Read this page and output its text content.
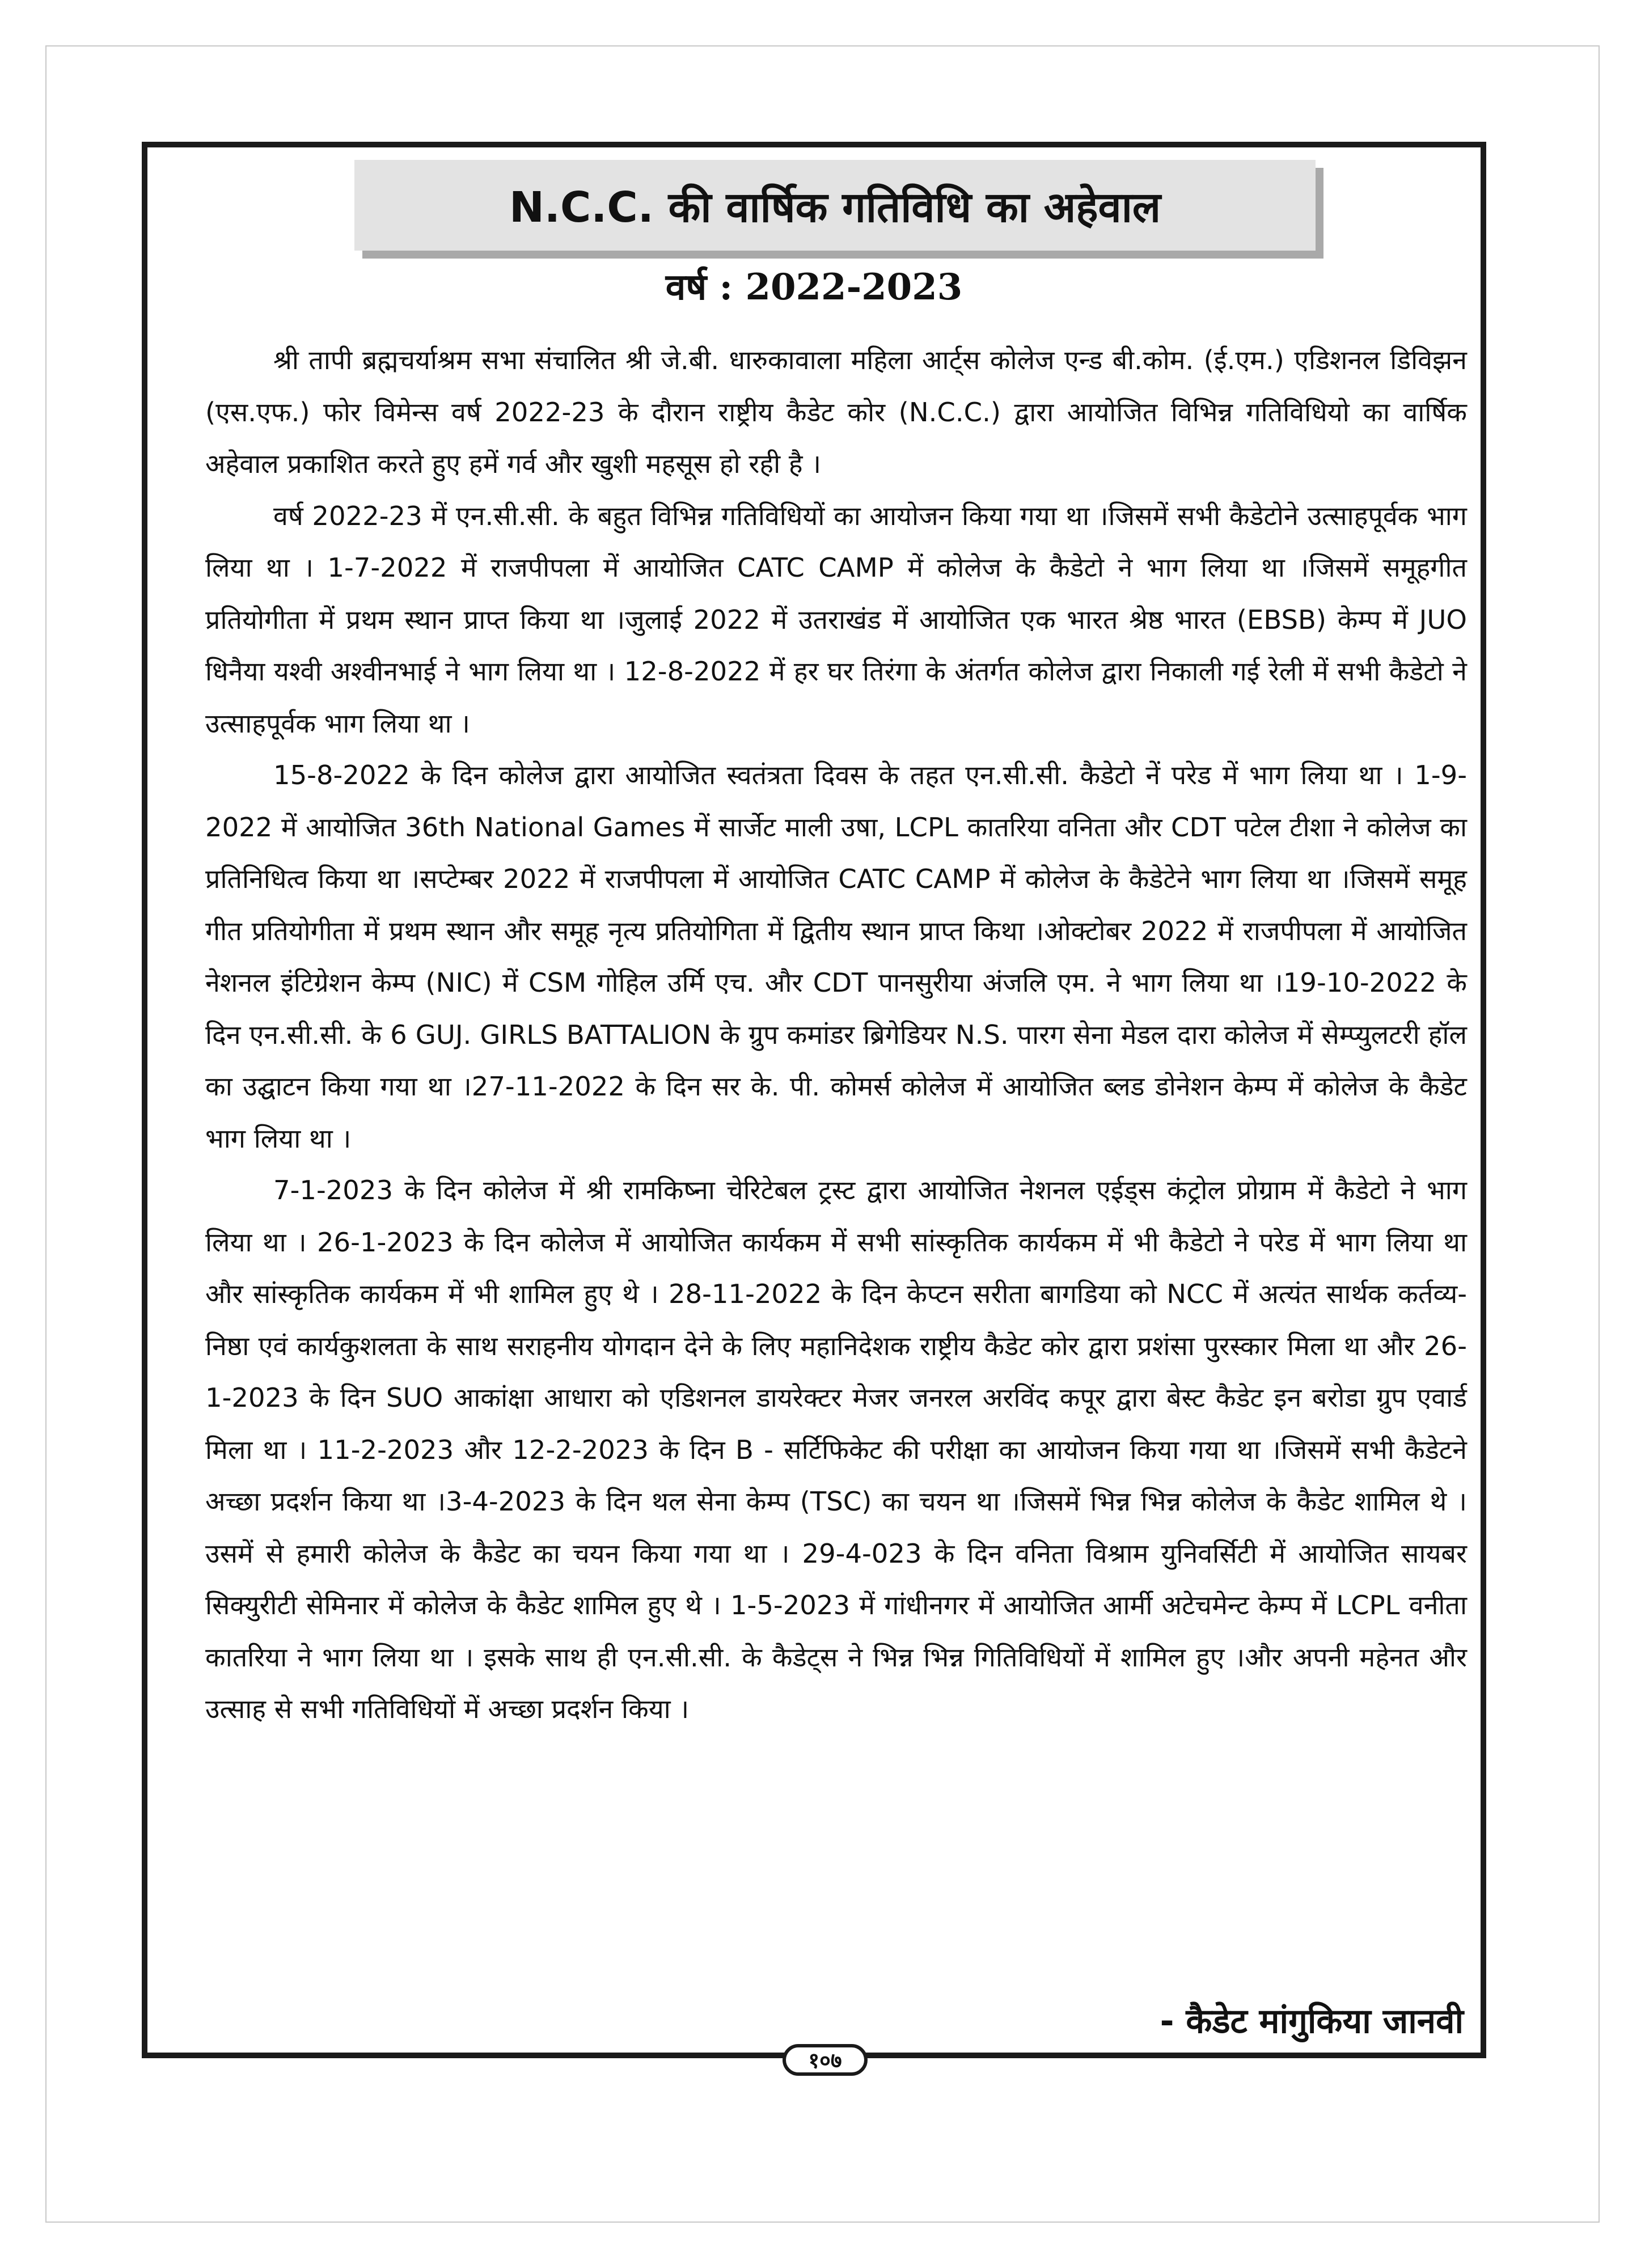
N.C.C. की वार्षिक गतिविधि का अहेवाल
वर्ष : 2022-2023

श्री तापी ब्रह्मचर्याश्रम सभा संचालित श्री जे.बी. धारुकावाला महिला आर्ट्स कोलेज एन्ड बी.कोम. (ई.एम.) एडिशनल डिविझन (एस.एफ.) फोर विमेन्स वर्ष 2022-23 के दौरान राष्ट्रीय कैडेट कोर (N.C.C.) द्वारा आयोजित विभिन्न गतिविधियो का वार्षिक अहेवाल प्रकाशित करते हुए हमें गर्व और खुशी महसूस हो रही है ।

वर्ष 2022-23 में एन.सी.सी. के बहुत विभिन्न गतिविधियों का आयोजन किया गया था ।जिसमें सभी कैडेटोने उत्साहपूर्वक भाग लिया था । 1-7-2022 में राजपीपला में आयोजित CATC CAMP में कोलेज के कैडेटो ने भाग लिया था ।जिसमें समूहगीत प्रतियोगीता में प्रथम स्थान प्राप्त किया था ।जुलाई 2022 में उतराखंड में आयोजित एक भारत श्रेष्ठ भारत (EBSB) केम्प में JUO धिनैया यश्वी अश्वीनभाई ने भाग लिया था । 12-8-2022 में हर घर तिरंगा के अंतर्गत कोलेज द्वारा निकाली गई रेली में सभी कैडेटो ने उत्साहपूर्वक भाग लिया था ।

15-8-2022 के दिन कोलेज द्वारा आयोजित स्वतंत्रता दिवस के तहत एन.सी.सी. कैडेटो नें परेड में भाग लिया था । 1-9-2022 में आयोजित 36th National Games में सार्जेट माली उषा, LCPL कातरिया वनिता और CDT पटेल टीशा ने कोलेज का प्रतिनिधित्व किया था ।सप्टेम्बर 2022 में राजपीपला में आयोजित CATC CAMP में कोलेज के कैडेटेने भाग लिया था ।जिसमें समूह गीत प्रतियोगीता में प्रथम स्थान और समूह नृत्य प्रतियोगिता में द्वितीय स्थान प्राप्त किथा ।ओक्टोबर 2022 में राजपीपला में आयोजित नेशनल इंटिग्रेशन केम्प (NIC) में CSM गोहिल उर्मि एच. और CDT पानसुरीया अंजलि एम. ने भाग लिया था ।19-10-2022 के दिन एन.सी.सी. के 6 GUJ. GIRLS BATTALION के ग्रुप कमांडर ब्रिगेडियर N.S. पारग सेना मेडल दारा कोलेज में सेम्प्युलटरी हॉल का उद्घाटन किया गया था ।27-11-2022 के दिन सर के. पी. कोमर्स कोलेज में आयोजित ब्लड डोनेशन केम्प में कोलेज के कैडेट भाग लिया था ।

7-1-2023 के दिन कोलेज में श्री रामकिष्ना चेरिटेबल ट्रस्ट द्वारा आयोजित नेशनल एईड्स कंट्रोल प्रोग्राम में कैडेटो ने भाग लिया था । 26-1-2023 के दिन कोलेज में आयोजित कार्यकम में सभी सांस्कृतिक कार्यकम में भी कैडेटो ने परेड में भाग लिया था और सांस्कृतिक कार्यकम में भी शामिल हुए थे । 28-11-2022 के दिन केप्टन सरीता बागडिया को NCC में अत्यंत सार्थक कर्तव्य-निष्ठा एवं कार्यकुशलता के साथ सराहनीय योगदान देने के लिए महानिदेशक राष्ट्रीय कैडेट कोर द्वारा प्रशंसा पुरस्कार मिला था और 26-1-2023 के दिन SUO आकांक्षा आधारा को एडिशनल डायरेक्टर मेजर जनरल अरविंद कपूर द्वारा बेस्ट कैडेट इन बरोडा ग्रुप एवार्ड मिला था । 11-2-2023 और 12-2-2023 के दिन B - सर्टिफिकेट की परीक्षा का आयोजन किया गया था ।जिसमें सभी कैडेटने अच्छा प्रदर्शन किया था ।3-4-2023 के दिन थल सेना केम्प (TSC) का चयन था ।जिसमें भिन्न भिन्न कोलेज के कैडेट शामिल थे । उसमें से हमारी कोलेज के कैडेट का चयन किया गया था । 29-4-023 के दिन वनिता विश्राम युनिवर्सिटी में आयोजित सायबर सिक्युरीटी सेमिनार में कोलेज के कैडेट शामिल हुए थे । 1-5-2023 में गांधीनगर में आयोजित आर्मी अटेचमेन्ट केम्प में LCPL वनीता कातरिया ने भाग लिया था । इसके साथ ही एन.सी.सी. के कैडेट्स ने भिन्न भिन्न गितिविधियों में शामिल हुए ।और अपनी महेनत और उत्साह से सभी गतिविधियों में अच्छा प्रदर्शन किया ।

- कैडेट मांगुकिया जानवी
१०७
